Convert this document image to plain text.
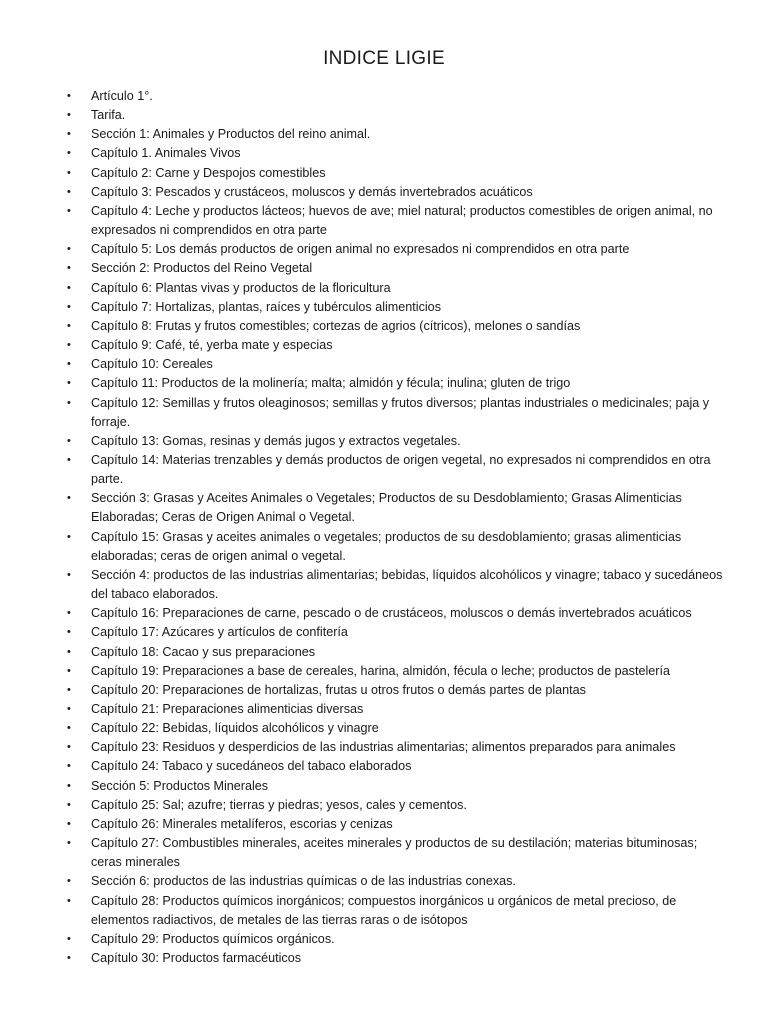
INDICE LIGIE
• Artículo 1°.
• Tarifa.
• Sección 1: Animales y Productos del reino animal.
• Capítulo 1. Animales Vivos
• Capítulo 2: Carne y Despojos comestibles
• Capítulo 3: Pescados y crustáceos, moluscos y demás invertebrados acuáticos
• Capítulo 4: Leche y productos lácteos; huevos de ave; miel natural; productos comestibles de origen animal, no expresados ni comprendidos en otra parte
• Capítulo 5: Los demás productos de origen animal no expresados ni comprendidos en otra parte
• Sección 2: Productos del Reino Vegetal
• Capítulo 6: Plantas vivas y productos de la floricultura
• Capítulo 7: Hortalizas, plantas, raíces y tubérculos alimenticios
• Capítulo 8: Frutas y frutos comestibles; cortezas de agrios (cítricos), melones o sandías
• Capítulo 9: Café, té, yerba mate y especias
• Capítulo 10: Cereales
• Capítulo 11: Productos de la molinería; malta; almidón y fécula; inulina; gluten de trigo
• Capítulo 12: Semillas y frutos oleaginosos; semillas y frutos diversos; plantas industriales o medicinales; paja y forraje.
• Capítulo 13: Gomas, resinas y demás jugos y extractos vegetales.
• Capítulo 14: Materias trenzables y demás productos de origen vegetal, no expresados ni comprendidos en otra parte.
• Sección 3: Grasas y Aceites Animales o Vegetales; Productos de su Desdoblamiento; Grasas Alimenticias Elaboradas; Ceras de Origen Animal o Vegetal.
• Capítulo 15: Grasas y aceites animales o vegetales; productos de su desdoblamiento; grasas alimenticias elaboradas; ceras de origen animal o vegetal.
• Sección 4: productos de las industrias alimentarias; bebidas, líquidos alcohólicos y vinagre; tabaco y sucedáneos del tabaco elaborados.
• Capítulo 16: Preparaciones de carne, pescado o de crustáceos, moluscos o demás invertebrados acuáticos
• Capítulo 17: Azúcares y artículos de confitería
• Capítulo 18: Cacao y sus preparaciones
• Capítulo 19: Preparaciones a base de cereales, harina, almidón, fécula o leche; productos de pastelería
• Capítulo 20: Preparaciones de hortalizas, frutas u otros frutos o demás partes de plantas
• Capítulo 21: Preparaciones alimenticias diversas
• Capítulo 22: Bebidas, líquidos alcohólicos y vinagre
• Capítulo 23: Residuos y desperdicios de las industrias alimentarias; alimentos preparados para animales
• Capítulo 24: Tabaco y sucedáneos del tabaco elaborados
• Sección 5: Productos Minerales
• Capítulo 25: Sal; azufre; tierras y piedras; yesos, cales y cementos.
• Capítulo 26: Minerales metalíferos, escorias y cenizas
• Capítulo 27: Combustibles minerales, aceites minerales y productos de su destilación; materias bituminosas; ceras minerales
• Sección 6: productos de las industrias químicas o de las industrias conexas.
• Capítulo 28: Productos químicos inorgánicos; compuestos inorgánicos u orgánicos de metal precioso, de elementos radiactivos, de metales de las tierras raras o de isótopos
• Capítulo 29: Productos químicos orgánicos.
• Capítulo 30: Productos farmacéuticos
